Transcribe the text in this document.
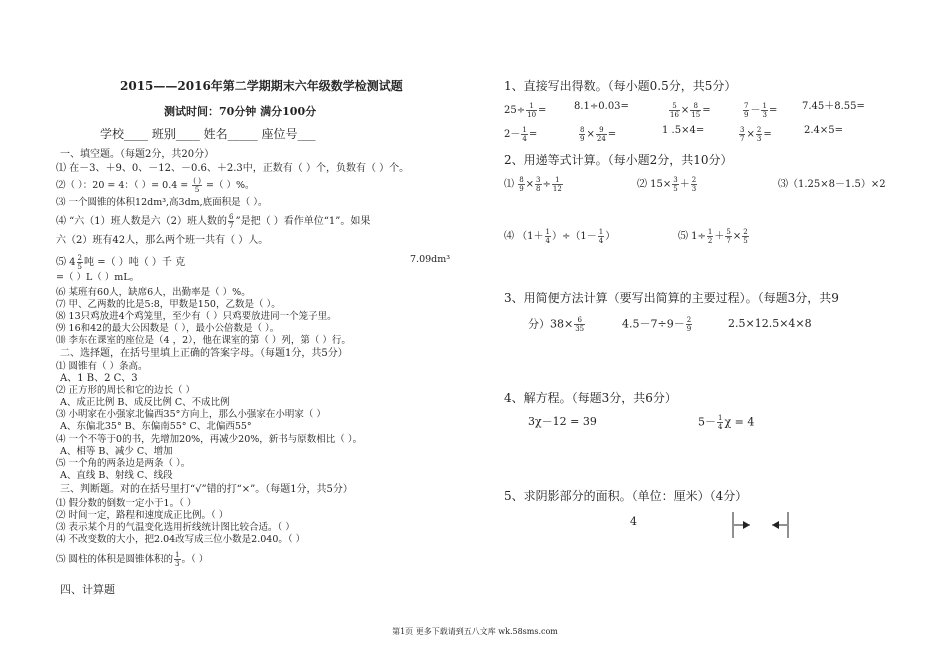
2015——2016年第二学期期末六年级数学检测试题
测试时间：70分钟 满分100分
学校____ 班别____ 姓名_____ 座位号___
一、填空题。（每题2分，共20分）
⑴ 在－3、＋9、0、－12、－0.6、＋2.3中，正数有（ ）个，负数有（ ）个。
⑵（ ）：20 = 4：（ ）= 0.4 = ( )
5 =（ ）%。
⑶ 一个圆锥的体积12dm³,高3dm,底面积是（ ）。
⑷ “六（1）班人数是六（2）班人数的 $\frac{6}{7}$ ”是把（ ）看作单位“1”。如果
六（2）班有42人，那么两个班一共有（ ）人。
⑸ $4 \frac{2}{5}$ 吨 =（ ）吨（ ）千 克	7.09dm³
=（ ）L（ ）mL。
⑹ 某班有60人，缺席6人，出勤率是（ ）%。
⑺ 甲、乙两数的比是5:8，甲数是150，乙数是（ ）。
⑻ 13只鸡放进4个鸡笼里，至少有（ ）只鸡要放进同一个笼子里。
⑼ 16和42的最大公因数是（ ），最小公倍数是（ ）。
⑽ 李东在课室的座位是（4 ，2），他在课室的第（ ）列，第（ ）行。
二、选择题，在括号里填上正确的答案字母。（每题1分，共5分）
⑴ 圆锥有（ ）条高。
A、1 B、2 C、3
⑵ 正方形的周长和它的边长（ ）
A、成正比例 B、成反比例 C、不成比例
⑶ 小明家在小强家北偏西35°方向上，那么小强家在小明家（ ）
A、东偏北35° B、东偏南55° C、北偏西55°
⑷ 一个不等于0的书，先增加20%，再减少20%，新书与原数相比（ ）。
A、相等 B、减少 C、增加
⑸ 一个角的两条边是两条（ ）。
A、直线 B、射线 C、线段
三、判断题。对的在括号里打“√”错的打“×”。（每题1分，共5分）
⑴ 假分数的倒数一定小于1。（ ）
⑵ 时间一定，路程和速度成正比例。（ ）
⑶ 表示某个月的气温变化选用折线统计图比较合适。（ ）
⑷ 不改变数的大小，把2.04改写成三位小数是2.040。（ ）
⑸ 圆柱的体积是圆锥体积的 $\frac{1}{3}$ 。（ ）
四、计算题
1、直接写出得数。（每小题0.5分，共5分）
$25\div \frac{1}{10}$ =	8.1÷0.03=	$\frac{5}{16} \times \frac{8}{15}$ =	$\frac{7}{9} - \frac{1}{3} = 7.45+8.55=$
$2- \frac{1}{4}$ =	$\frac{8}{9} \times \frac{9}{24}$ =	1 .5×4=	$\frac{3}{7} \times \frac{2}{3}$ =	2.4×5=
2、用递等式计算。（每小题2分，共10分）
⑴ $\frac{8}{9} \times \frac{3}{8} \div \frac{1}{12}$	⑵ $15\times \frac{3}{5} + \frac{2}{3}$	⑶（1.25×8－1.5）×2
⑷ $(1+ \frac{1}{4} )\div(1- \frac{1}{4}$ ）	⑸ $1\div \frac{1}{2} + \frac{5}{7} \times \frac{2}{5}$
3、用简便方法计算（要写出简算的主要过程）。（每题3分，共9
分）$38\times \frac{6}{35}$	$4.5-7\div 9- \frac{2}{9}$	2.5×12.5×4×8
4、解方程。（每题3分，共6分）
3χ－12 = 39	$5- \frac{1}{4}$ χ = 4
5、求阴影部分的面积。（单位：厘米）（4分）
4
第1页 更多下载请到五八文库 wk.58sms.com
